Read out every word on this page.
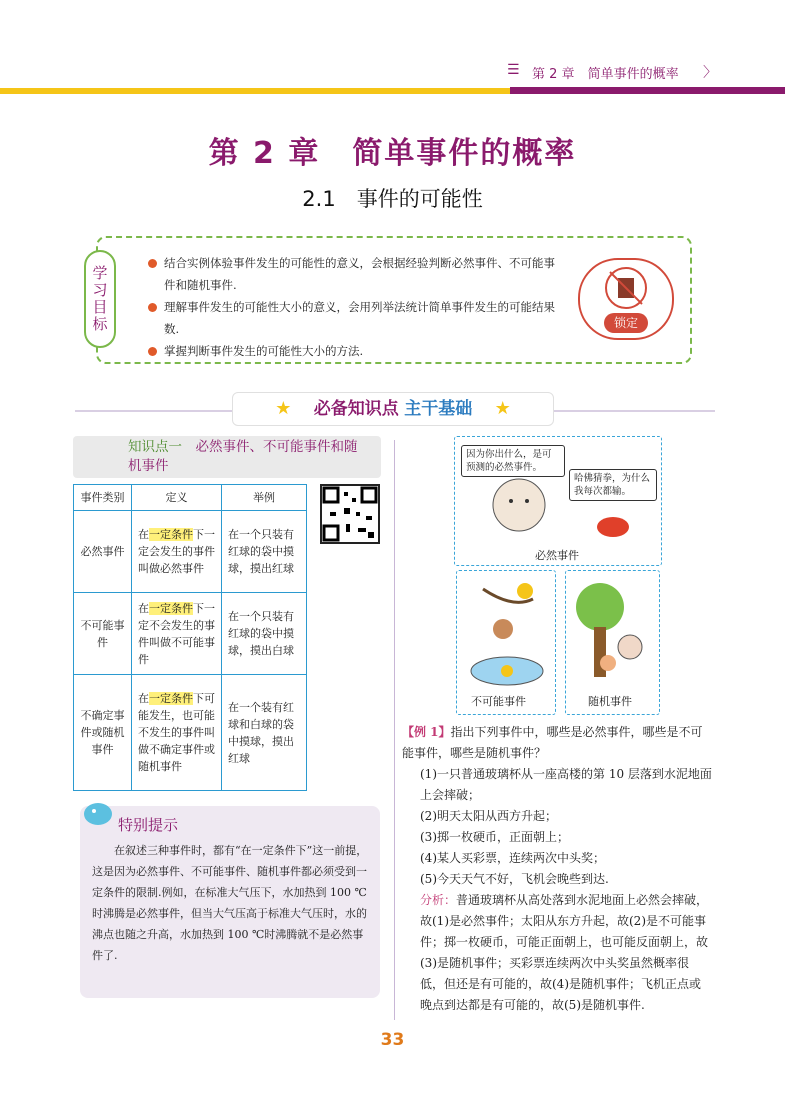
☰ 第 2 章　 简单事件的概率 〉
第 2 章　简单事件的概率
2.1　事件的可能性
学习目标
结合实例体验事件发生的可能性的意义，会根据经验判断必然事件、不可能事件和随机事件.
理解事件发生的可能性大小的意义，会用列举法统计简单事件发生的可能结果数.
掌握判断事件发生的可能性大小的方法.
锁定
★　 必备知识点 主干基础　 ★
知识点一　 必然事件、不可能事件和随机事件
事件类别	定义	举例
必然事件	在一定条件下一定会发生的事件叫做必然事件	在一个只装有红球的袋中摸球，摸出红球
不可能事件	在一定条件下一定不会发生的事件叫做不可能事件	在一个只装有红球的袋中摸球，摸出白球
不确定事件或随机事件	在一定条件下可能发生，也可能不发生的事件叫做不确定事件或随机事件	在一个装有红球和白球的袋中摸球，摸出红球
特别提示
在叙述三种事件时，都有“在一定条件下”这一前提，这是因为必然事件、不可能事件、随机事件都必须受到一定条件的限制.例如，在标准大气压下，水加热到 100 ℃时沸腾是必然事件，但当大气压高于标准大气压时，水的沸点也随之升高，水加热到 100 ℃时沸腾就不是必然事件了.
因为你出什么，是可预测的必然事件。
哈佛猜拳，为什么我每次都输。
必然事件
不可能事件	随机事件

【例 1】指出下列事件中，哪些是必然事件，哪些是不可能事件，哪些是随机事件？

(1)一只普通玻璃杯从一座高楼的第 10 层落到水泥地面上会摔破；

(2)明天太阳从西方升起；

(3)掷一枚硬币，正面朝上；

(4)某人买彩票，连续两次中头奖；

(5)今天天气不好，飞机会晚些到达.

分析：普通玻璃杯从高处落到水泥地面上必然会摔破，故(1)是必然事件；太阳从东方升起，故(2)是不可能事件；掷一枚硬币，可能正面朝上，也可能反面朝上，故(3)是随机事件；买彩票连续两次中头奖虽然概率很低，但还是有可能的，故(4)是随机事件；飞机正点或晚点到达都是有可能的，故(5)是随机事件.

33
